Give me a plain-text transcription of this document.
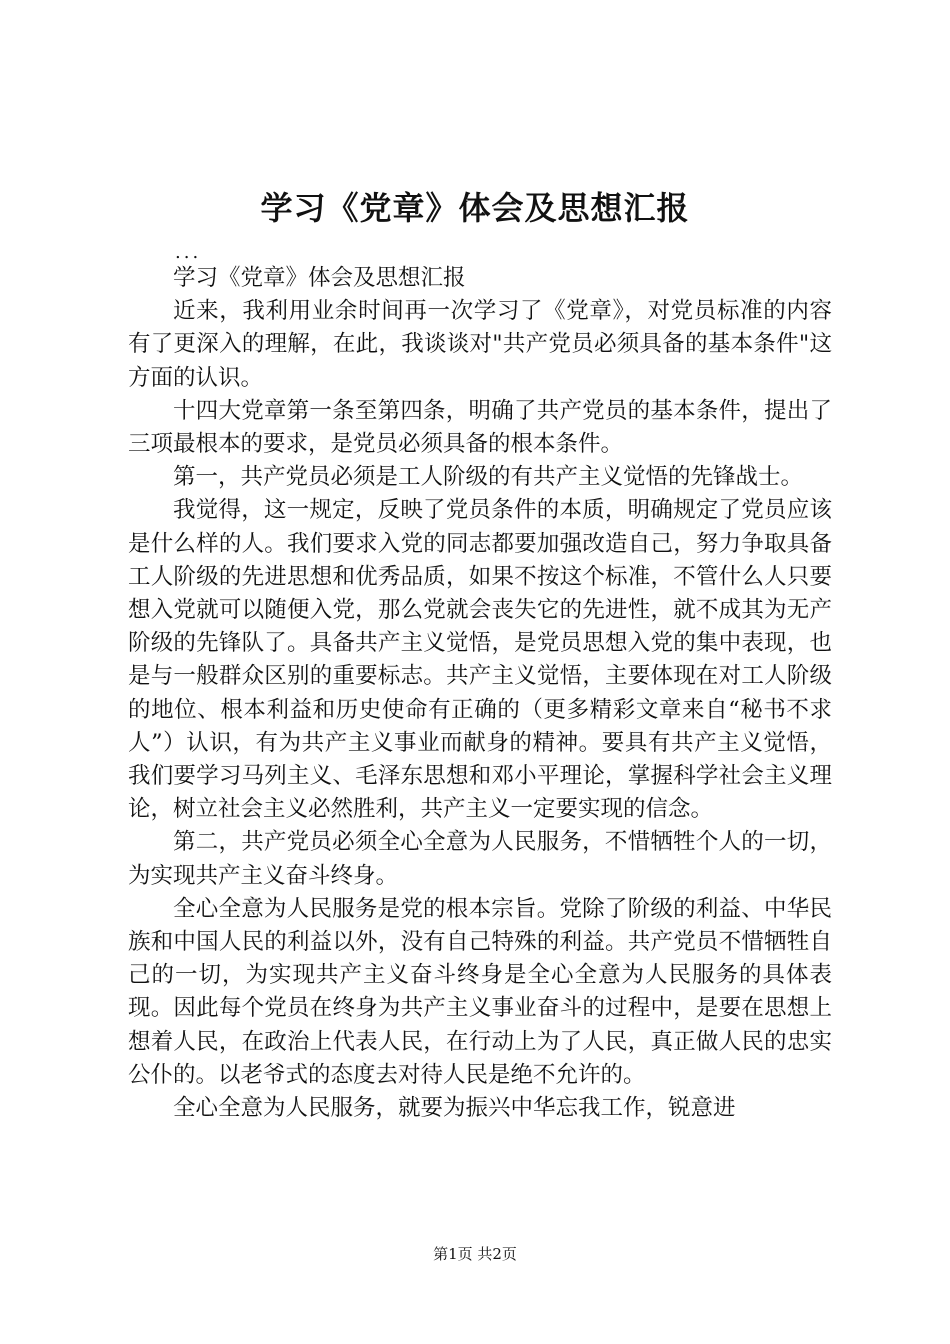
学习《党章》体会及思想汇报
...

学习《党章》体会及思想汇报

近来，我利用业余时间再一次学习了《党章》，对党员标准的内容有了更深入的理解，在此，我谈谈对"共产党员必须具备的基本条件"这方面的认识。

十四大党章第一条至第四条，明确了共产党员的基本条件，提出了三项最根本的要求，是党员必须具备的根本条件。

第一，共产党员必须是工人阶级的有共产主义觉悟的先锋战士。

我觉得，这一规定，反映了党员条件的本质，明确规定了党员应该是什么样的人。我们要求入党的同志都要加强改造自己，努力争取具备工人阶级的先进思想和优秀品质，如果不按这个标准，不管什么人只要想入党就可以随便入党，那么党就会丧失它的先进性，就不成其为无产阶级的先锋队了。具备共产主义觉悟，是党员思想入党的集中表现，也是与一般群众区别的重要标志。共产主义觉悟，主要体现在对工人阶级的地位、根本利益和历史使命有正确的（更多精彩文章来自“秘书不求人”）认识，有为共产主义事业而献身的精神。要具有共产主义觉悟，我们要学习马列主义、毛泽东思想和邓小平理论，掌握科学社会主义理论，树立社会主义必然胜利，共产主义一定要实现的信念。

第二，共产党员必须全心全意为人民服务，不惜牺牲个人的一切，为实现共产主义奋斗终身。

全心全意为人民服务是党的根本宗旨。党除了阶级的利益、中华民族和中国人民的利益以外，没有自己特殊的利益。共产党员不惜牺牲自己的一切，为实现共产主义奋斗终身是全心全意为人民服务的具体表现。因此每个党员在终身为共产主义事业奋斗的过程中，是要在思想上想着人民，在政治上代表人民，在行动上为了人民，真正做人民的忠实公仆的。以老爷式的态度去对待人民是绝不允许的。

全心全意为人民服务，就要为振兴中华忘我工作，锐意进

第1页 共2页
